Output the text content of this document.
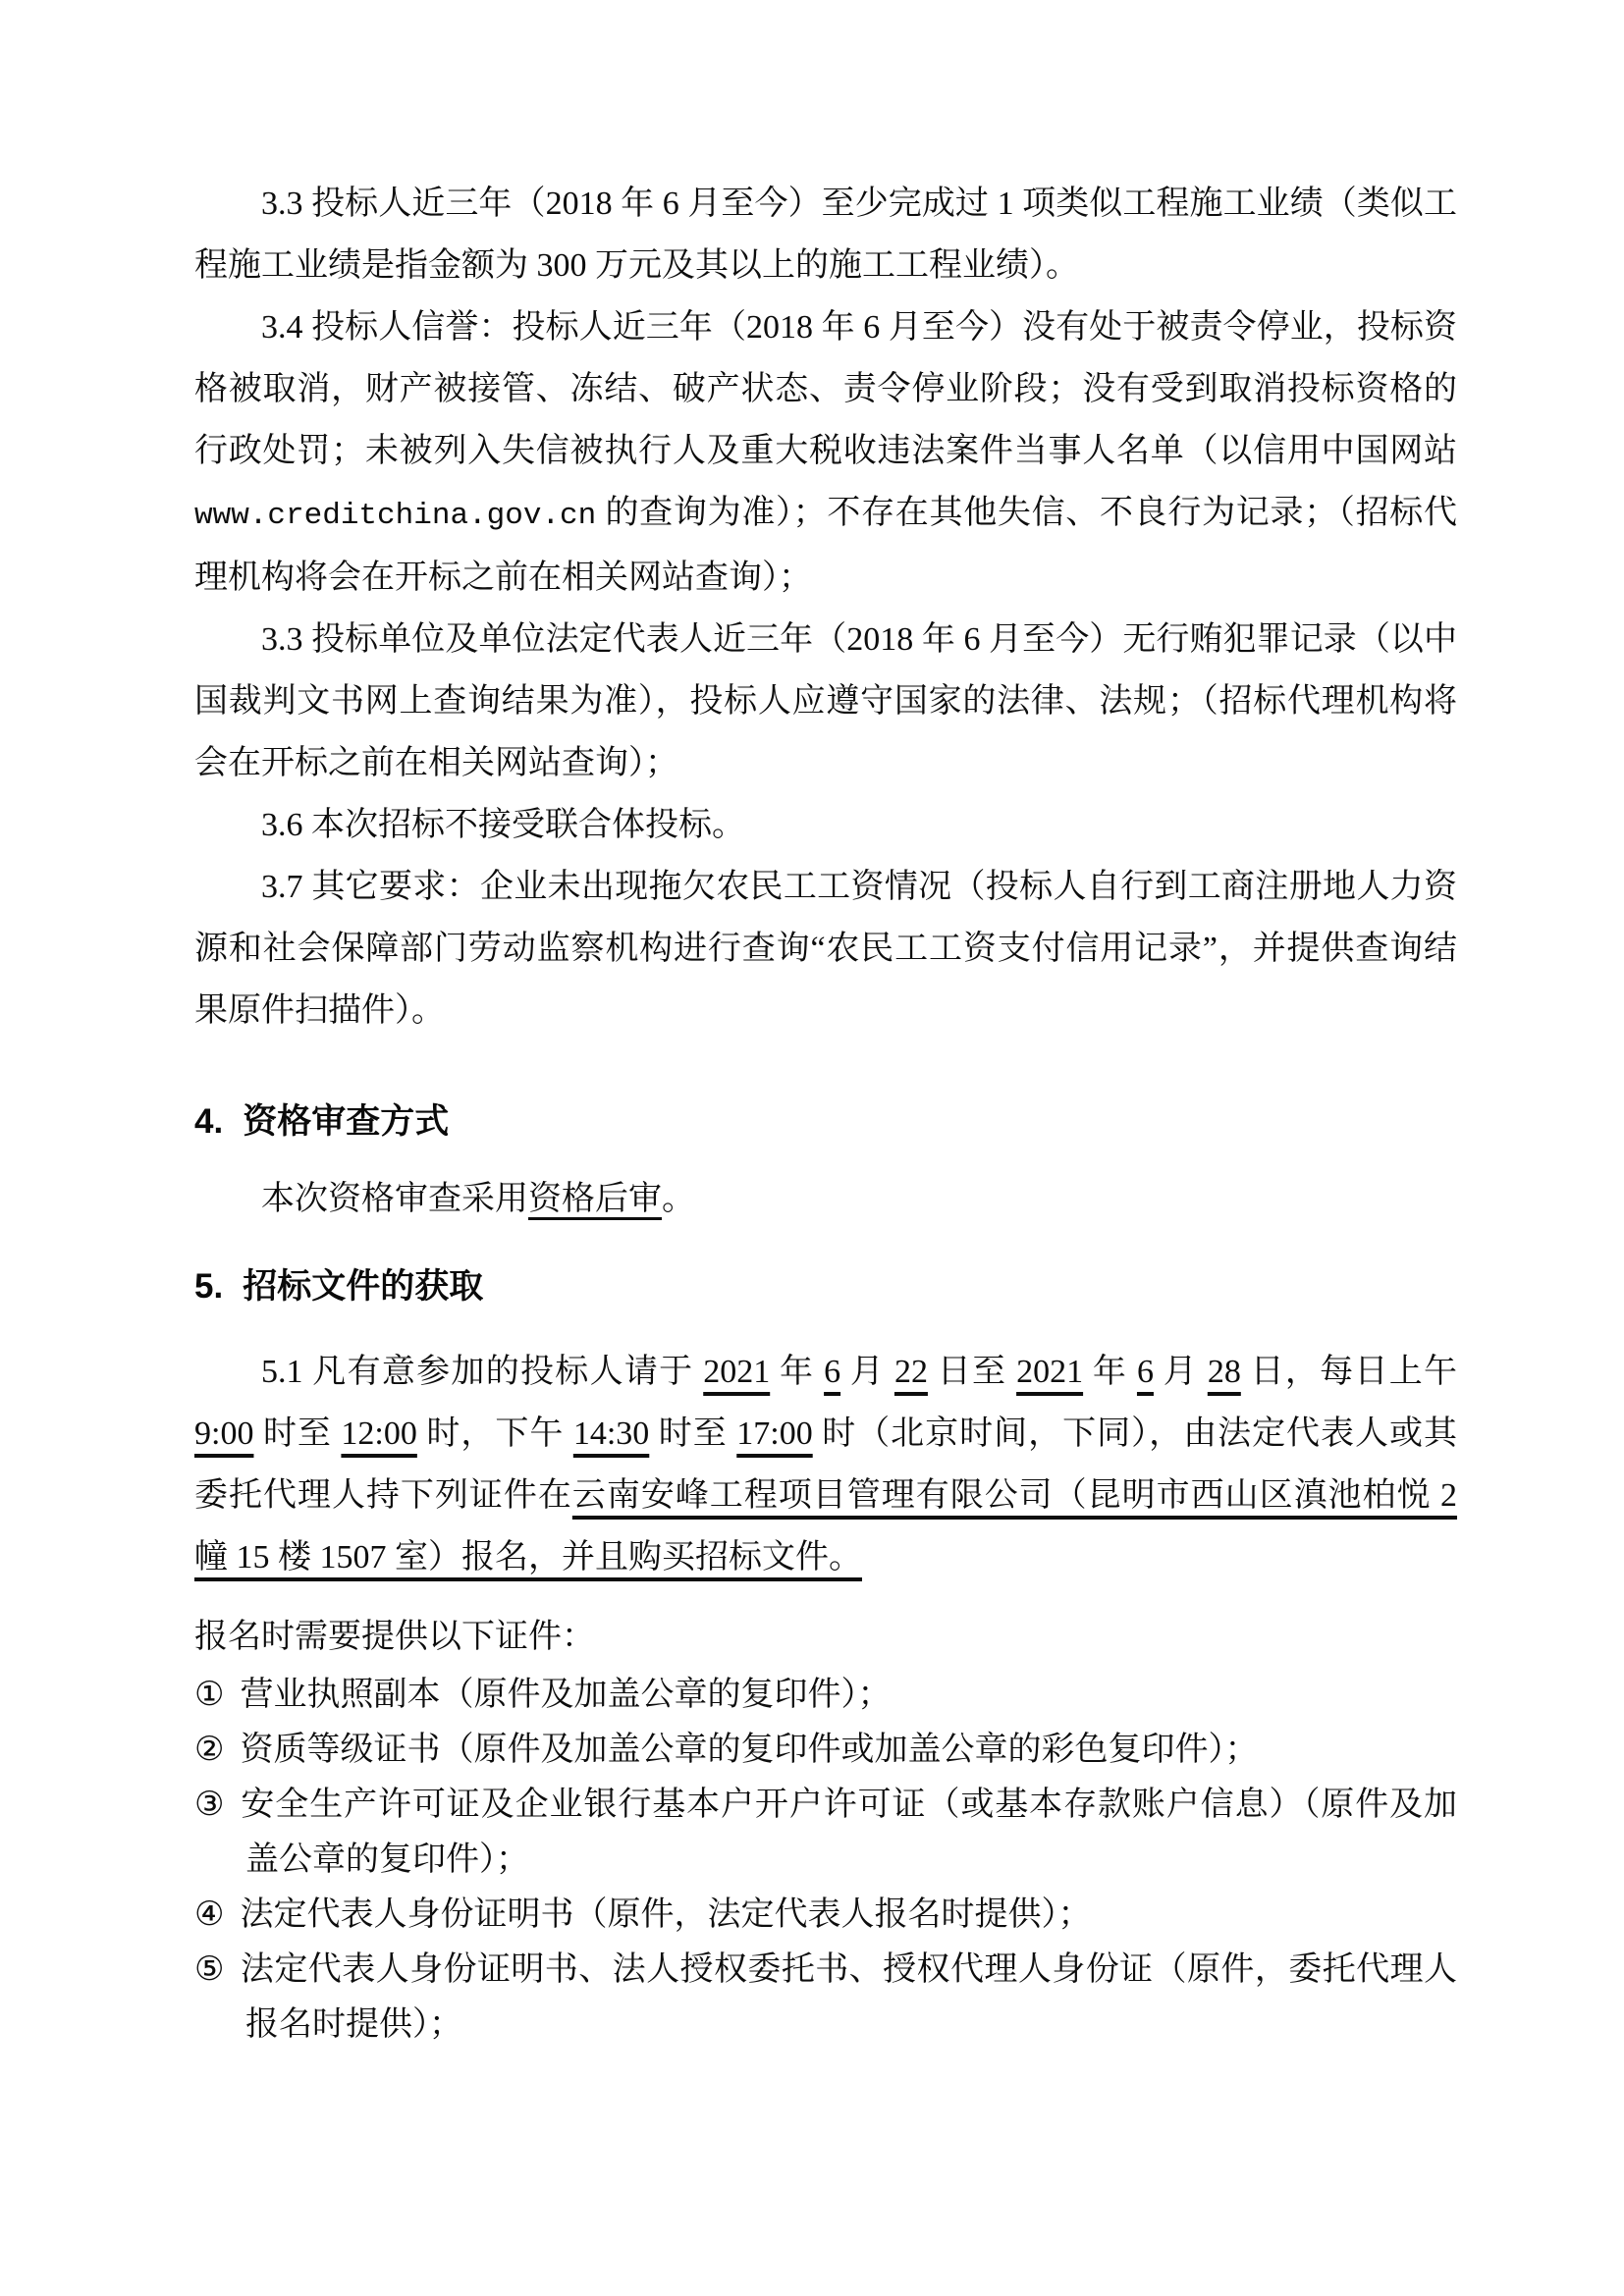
3.3 投标人近三年（2018 年 6 月至今）至少完成过 1 项类似工程施工业绩（类似工程施工业绩是指金额为 300 万元及其以上的施工工程业绩）。

3.4 投标人信誉：投标人近三年（2018 年 6 月至今）没有处于被责令停业，投标资格被取消，财产被接管、冻结、破产状态、责令停业阶段；没有受到取消投标资格的行政处罚；未被列入失信被执行人及重大税收违法案件当事人名单（以信用中国网站 www.creditchina.gov.cn 的查询为准）；不存在其他失信、不良行为记录；（招标代理机构将会在开标之前在相关网站查询）；

3.3 投标单位及单位法定代表人近三年（2018 年 6 月至今）无行贿犯罪记录（以中国裁判文书网上查询结果为准），投标人应遵守国家的法律、法规；（招标代理机构将会在开标之前在相关网站查询）；

3.6 本次招标不接受联合体投标。

3.7 其它要求：企业未出现拖欠农民工工资情况（投标人自行到工商注册地人力资源和社会保障部门劳动监察机构进行查询“农民工工资支付信用记录”，并提供查询结果原件扫描件）。

4. 资格审查方式

本次资格审查采用资格后审。

5. 招标文件的获取

5.1 凡有意参加的投标人请于 2021 年 6 月 22 日至 2021 年 6 月 28 日，每日上午 9:00 时至 12:00 时，下午 14:30 时至 17:00 时（北京时间，下同），由法定代表人或其委托代理人持下列证件在云南安峰工程项目管理有限公司（昆明市西山区滇池柏悦 2 幢 15 楼 1507 室）报名，并且购买招标文件。

报名时需要提供以下证件：

① 营业执照副本（原件及加盖公章的复印件）；
② 资质等级证书（原件及加盖公章的复印件或加盖公章的彩色复印件）；
③ 安全生产许可证及企业银行基本户开户许可证（或基本存款账户信息）（原件及加盖公章的复印件）；
④ 法定代表人身份证明书（原件，法定代表人报名时提供）；
⑤ 法定代表人身份证明书、法人授权委托书、授权代理人身份证（原件，委托代理人报名时提供）；
